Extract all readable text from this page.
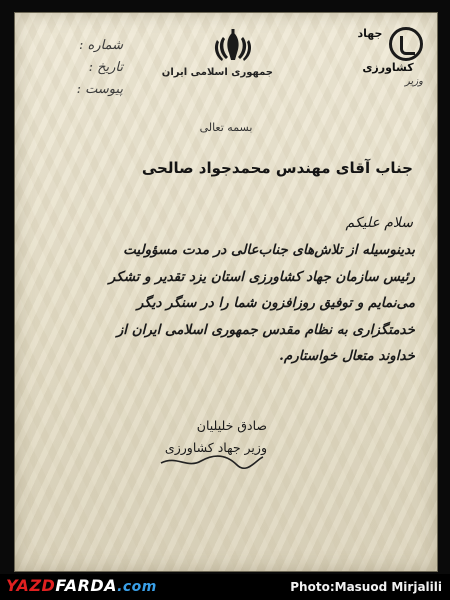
شماره :
تاریخ :
پیوست :
جمهوری اسلامی ایران
جهاد
کشاورزی
وزیر
بسمه تعالی
جناب آقای مهندس محمدجواد صالحی
سلام علیکم
بدینوسیله از تلاش‌های جناب‌عالی در مدت مسؤولیت
رئیس سازمان جهاد کشاورزی استان یزد تقدیر و تشکر
می‌نمایم و توفیق روزافزون شما را در سنگر دیگر
خدمتگزاری به نظام مقدس جمهوری اسلامی ایران از
خداوند متعال خواستارم.
صادق خلیلیان
وزیر جهاد کشاورزی
YAZDFARDA.com	Photo:Masuod Mirjalili
